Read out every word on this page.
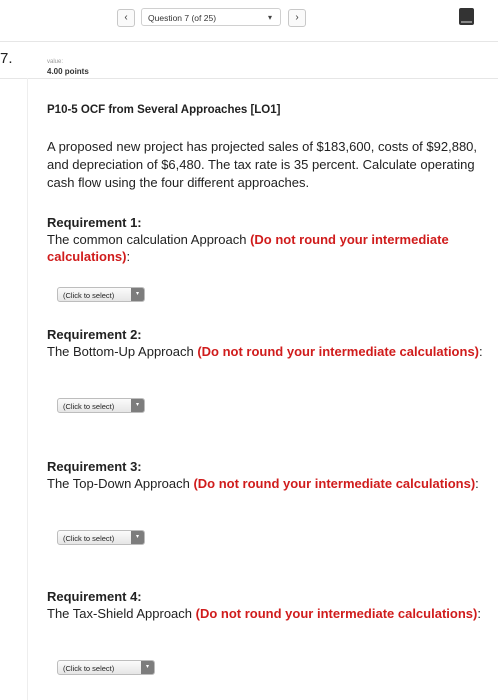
‹	Question 7 (of 25)	▾	›
7.	value:
4.00 points
P10-5 OCF from Several Approaches [LO1]
A proposed new project has projected sales of $183,600, costs of $92,880, and depreciation of $6,480. The tax rate is 35 percent. Calculate operating cash flow using the four different approaches.
Requirement 1:
The common calculation Approach (Do not round your intermediate calculations):
(Click to select)	▾
Requirement 2:
The Bottom-Up Approach (Do not round your intermediate calculations):
(Click to select)	▾
Requirement 3:
The Top-Down Approach (Do not round your intermediate calculations):
(Click to select)	▾
Requirement 4:
The Tax-Shield Approach (Do not round your intermediate calculations):
(Click to select)	▾
